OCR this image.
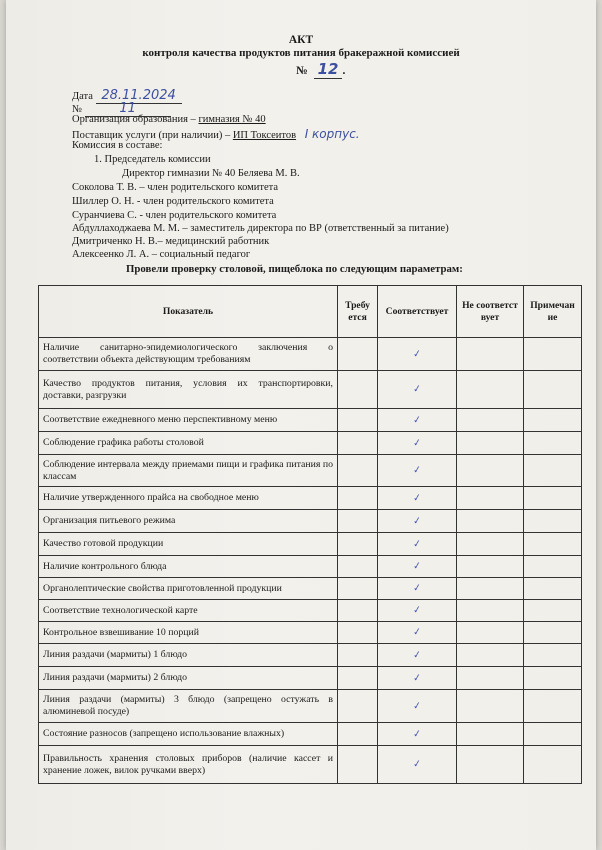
АКТ
контроля качества продуктов питания бракеражной комиссией
№ 12 .
Дата 28.11.2024
№	11
Организация образования – гимназия № 40
Поставщик услуги (при наличии) – ИП Токсеитов I корпус.
Комиссия в составе:
1. Председатель комиссии
Директор гимназии № 40 Беляева М. В.
Соколова Т. В. – член родительского комитета
Шиллер О. Н. - член родительского комитета
Суранчиева С. - член родительского комитета
Абдуллаходжаева М. М. – заместитель директора по ВР (ответственный за питание)
Дмитриченко Н. В.– медицинский работник
Алексеенко Л. А. – социальный педагог
Провели проверку столовой, пищеблока по следующим параметрам:
Показатель	Требу ется	Соответствует	Не соответст вует	Примечан ие
Наличие санитарно-эпидемиологического заключения о соответствии объекта действующим требованиям		✓		
Качество продуктов питания, условия их транспортировки, доставки, разгрузки		✓		
Соответствие ежедневного меню перспективному меню		✓		
Соблюдение графика работы столовой		✓		
Соблюдение интервала между приемами пищи и графика питания по классам		✓		
Наличие утвержденного прайса на свободное меню		✓		
Организация питьевого режима		✓		
Качество готовой продукции		✓		
Наличие контрольного блюда		✓		
Органолептические свойства приготовленной продукции		✓		
Соответствие технологической карте		✓		
Контрольное взвешивание 10 порций		✓		
Линия раздачи (мармиты) 1 блюдо		✓		
Линия раздачи (мармиты) 2 блюдо		✓		
Линия раздачи (мармиты) 3 блюдо (запрещено остужать в алюминевой посуде)		✓		
Состояние разносов (запрещено использование влажных)		✓		
Правильность хранения столовых приборов (наличие кассет и хранение ложек, вилок ручками вверх)		✓		
